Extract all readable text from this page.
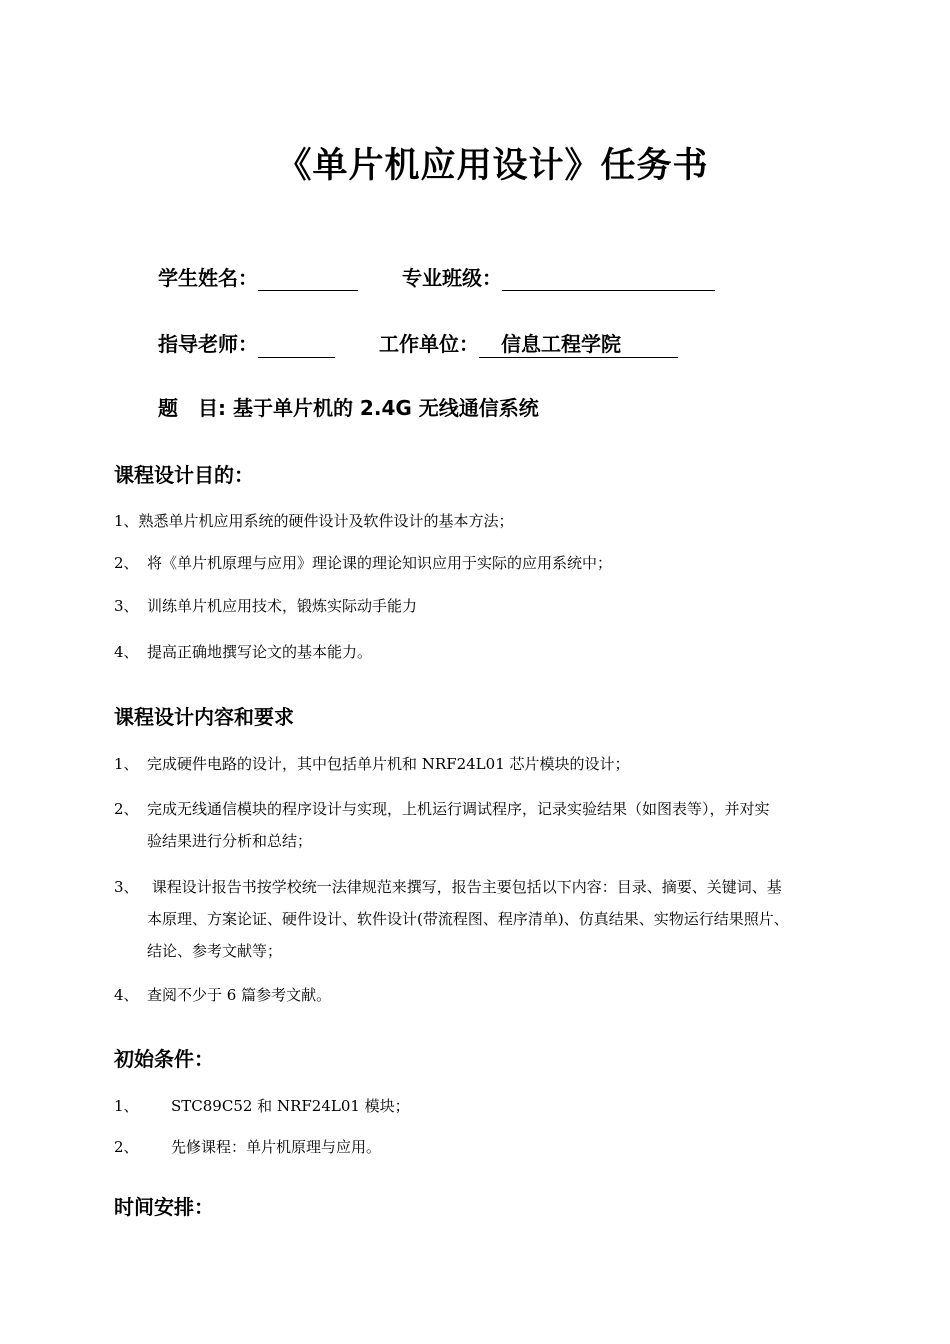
《单片机应用设计》任务书
学生姓名：	专业班级：
指导老师：	工作单位： 信息工程学院
题　目: 基于单片机的 2.4G 无线通信系统
课程设计目的：

1、熟悉单片机应用系统的硬件设计及软件设计的基本方法；

2、 将《单片机原理与应用》理论课的理论知识应用于实际的应用系统中；

3、 训练单片机应用技术，锻炼实际动手能力

4、 提高正确地撰写论文的基本能力。

课程设计内容和要求
1、 完成硬件电路的设计，其中包括单片机和 NRF24L01 芯片模块的设计；
2、 完成无线通信模块的程序设计与实现，上机运行调试程序，记录实验结果（如图表等），并对实
验结果进行分析和总结；
3、 课程设计报告书按学校统一法律规范来撰写，报告主要包括以下内容：目录、摘要、关键词、基
本原理、方案论证、硬件设计、软件设计(带流程图、程序清单)、仿真结果、实物运行结果照片、
结论、参考文献等；
4、 查阅不少于 6 篇参考文献。
初始条件：

1、 STC89C52 和 NRF24L01 模块；

2、 先修课程：单片机原理与应用。

时间安排：
